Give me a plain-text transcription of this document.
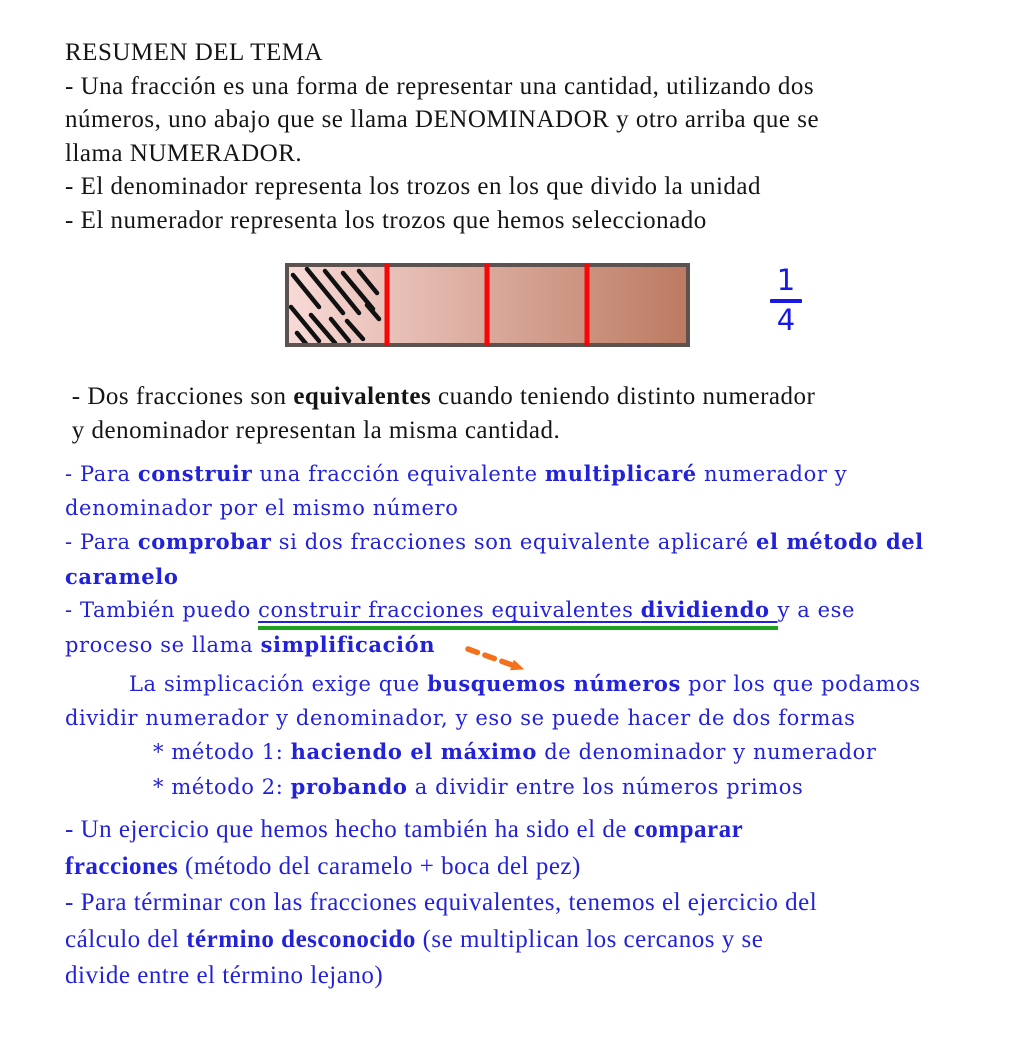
RESUMEN DEL TEMA
- Una fracción es una forma de representar una cantidad, utilizando dos
números, uno abajo que se llama DENOMINADOR y otro arriba que se
llama NUMERADOR.
- El denominador representa los trozos en los que divido la unidad
- El numerador representa los trozos que hemos seleccionado
1
4
- Dos fracciones son equivalentes cuando teniendo distinto numerador
y denominador representan la misma cantidad.
- Para construir una fracción equivalente multiplicaré numerador y
denominador por el mismo número
- Para comprobar si dos fracciones son equivalente aplicaré el método del
caramelo
- También puedo construir fracciones equivalentes dividiendo y a ese
proceso se llama simplificación
La simplicación exige que busquemos números por los que podamos
dividir numerador y denominador, y eso se puede hacer de dos formas
* método 1: haciendo el máximo de denominador y numerador
* método 2: probando a dividir entre los números primos
- Un ejercicio que hemos hecho también ha sido el de comparar
fracciones (método del caramelo + boca del pez)
- Para términar con las fracciones equivalentes, tenemos el ejercicio del
cálculo del término desconocido (se multiplican los cercanos y se
divide entre el término lejano)
